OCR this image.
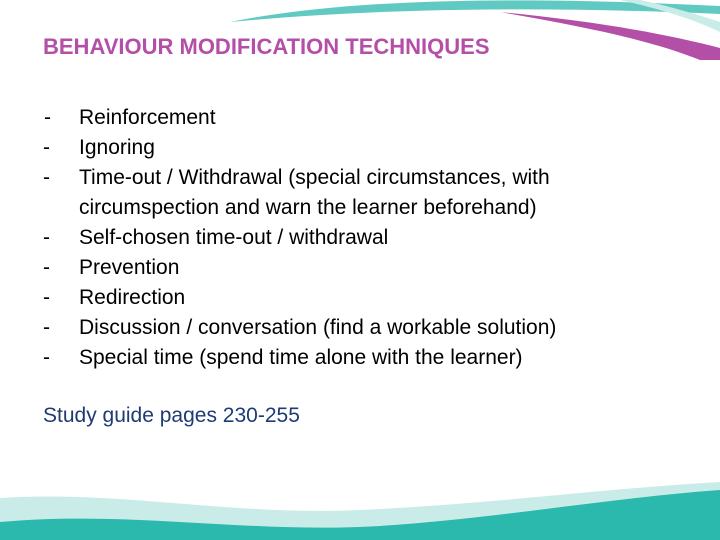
BEHAVIOUR MODIFICATION TECHNIQUES
-	Reinforcement
-	Ignoring
-	Time-out / Withdrawal (special circumstances, with
circumspection and warn the learner beforehand)
-	Self-chosen time-out / withdrawal
-	Prevention
-	Redirection
-	Discussion / conversation (find a workable solution)
-	Special time (spend time alone with the learner)

Study guide pages 230-255
